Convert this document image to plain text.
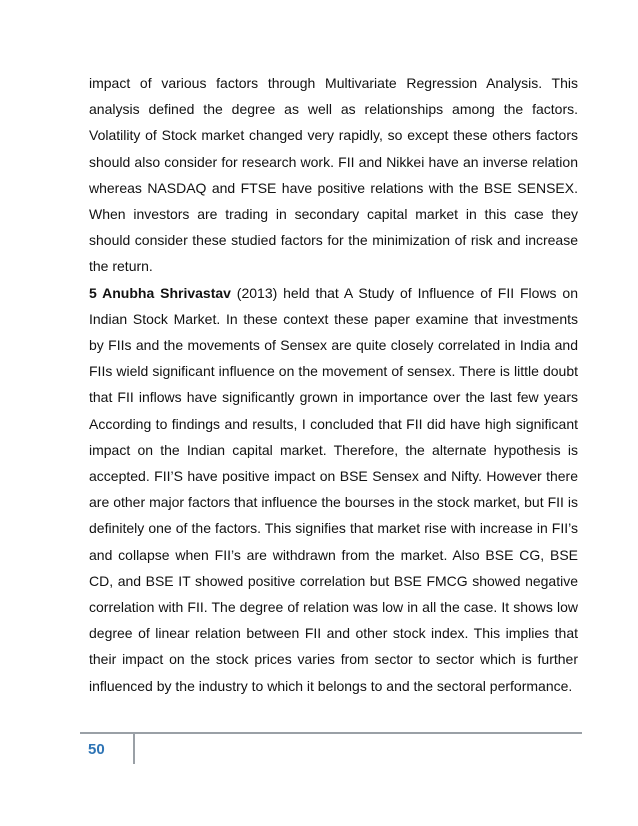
impact of various factors through Multivariate Regression Analysis. This analysis defined the degree as well as relationships among the factors. Volatility of Stock market changed very rapidly, so except these others factors should also consider for research work. FII and Nikkei have an inverse relation whereas NASDAQ and FTSE have positive relations with the BSE SENSEX. When investors are trading in secondary capital market in this case they should consider these studied factors for the minimization of risk and increase the return.

5 Anubha Shrivastav (2013) held that A Study of Influence of FII Flows on Indian Stock Market. In these context these paper examine that investments by FIIs and the movements of Sensex are quite closely correlated in India and FIIs wield significant influence on the movement of sensex. There is little doubt that FII inflows have significantly grown in importance over the last few years According to findings and results, I concluded that FII did have high significant impact on the Indian capital market. Therefore, the alternate hypothesis is accepted. FII’S have positive impact on BSE Sensex and Nifty. However there are other major factors that influence the bourses in the stock market, but FII is definitely one of the factors. This signifies that market rise with increase in FII’s and collapse when FII’s are withdrawn from the market. Also BSE CG, BSE CD, and BSE IT showed positive correlation but BSE FMCG showed negative correlation with FII. The degree of relation was low in all the case. It shows low degree of linear relation between FII and other stock index. This implies that their impact on the stock prices varies from sector to sector which is further influenced by the industry to which it belongs to and the sectoral performance.

50
